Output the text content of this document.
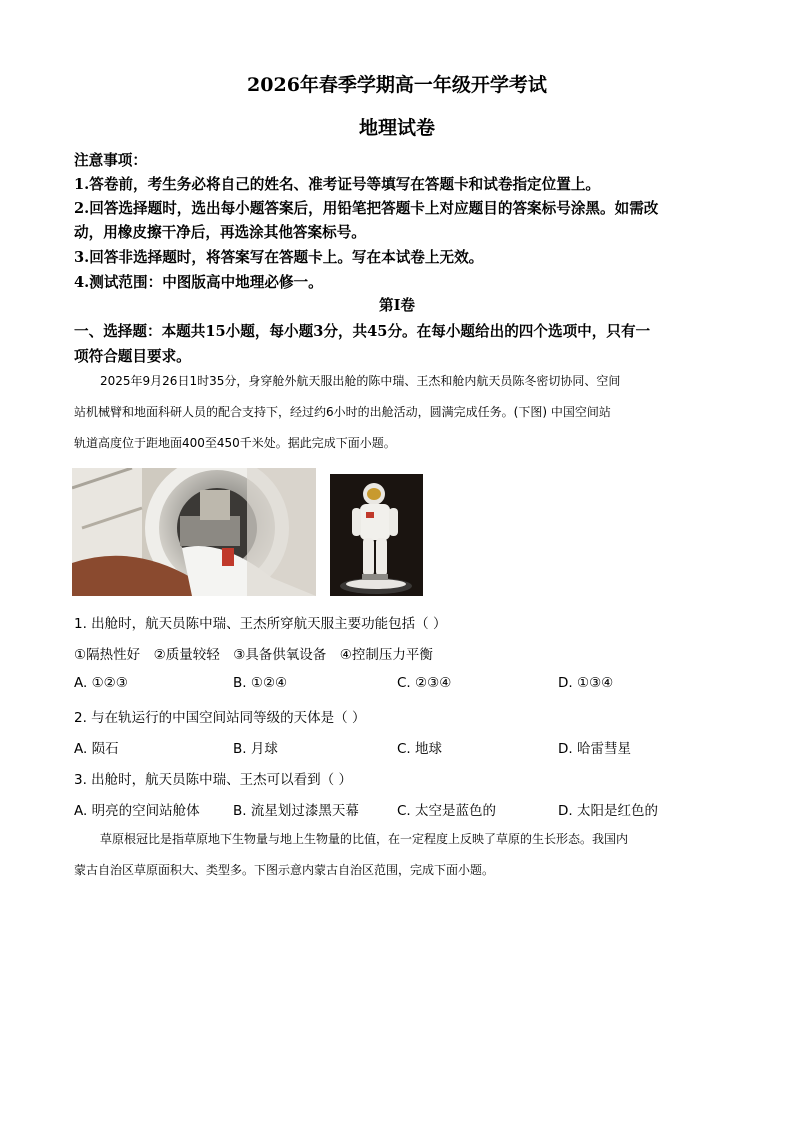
2026年春季学期高一年级开学考试
地理试卷
注意事项：
1.答卷前，考生务必将自己的姓名、准考证号等填写在答题卡和试卷指定位置上。
2.回答选择题时，选出每小题答案后，用铅笔把答题卡上对应题目的答案标号涂黑。如需改
动，用橡皮擦干净后，再选涂其他答案标号。
3.回答非选择题时，将答案写在答题卡上。写在本试卷上无效。
4.测试范围：中图版高中地理必修一。
第Ⅰ卷
一、选择题：本题共15小题，每小题3分，共45分。在每小题给出的四个选项中，只有一
项符合题目要求。
2025年9月26日1时35分，身穿舱外航天服出舱的陈中瑞、王杰和舱内航天员陈冬密切协同、空间
站机械臂和地面科研人员的配合支持下，经过约6小时的出舱活动，圆满完成任务。(下图) 中国空间站
轨道高度位于距地面400至450千米处。据此完成下面小题。
1. 出舱时，航天员陈中瑞、王杰所穿航天服主要功能包括（ ）
①隔热性好　②质量较轻　③具备供氧设备　④控制压力平衡
A. ①②③	B. ①②④	C. ②③④	D. ①③④
2. 与在轨运行的中国空间站同等级的天体是（ ）
A. 陨石	B. 月球	C. 地球	D. 哈雷彗星
3. 出舱时，航天员陈中瑞、王杰可以看到（ ）
A. 明亮的空间站舱体 B. 流星划过漆黑天幕	C. 太空是蓝色的	D. 太阳是红色的
草原根冠比是指草原地下生物量与地上生物量的比值，在一定程度上反映了草原的生长形态。我国内
蒙古自治区草原面积大、类型多。下图示意内蒙古自治区范围，完成下面小题。
